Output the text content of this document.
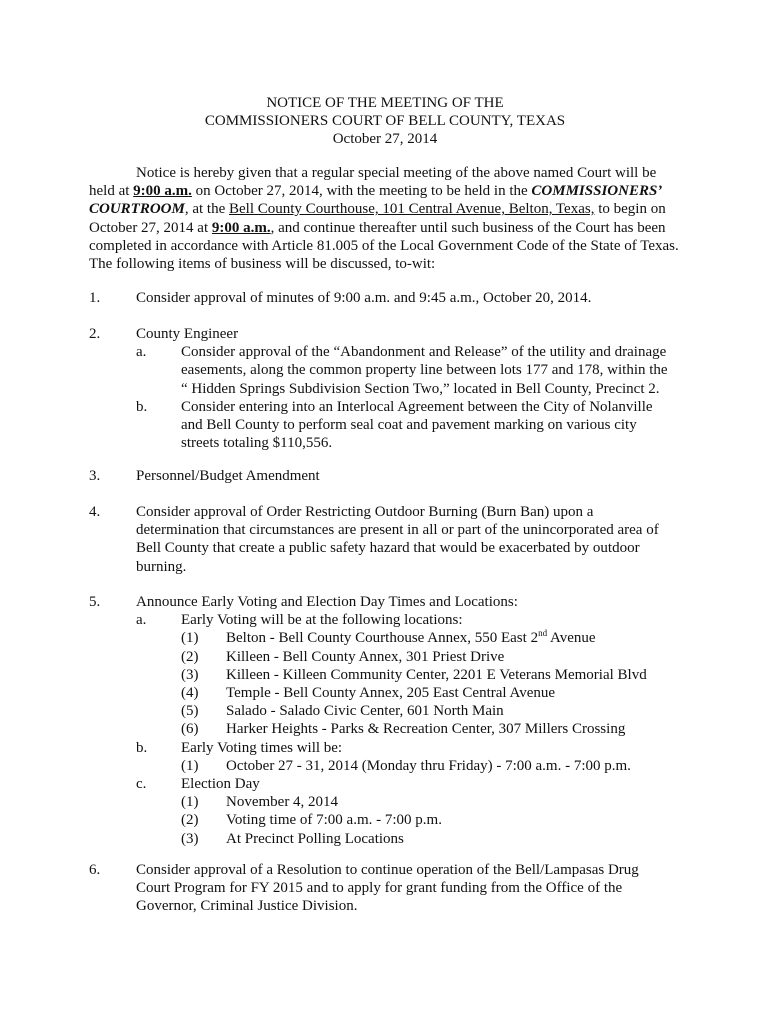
NOTICE OF THE MEETING OF THE
COMMISSIONERS COURT OF BELL COUNTY, TEXAS
October 27, 2014
Notice is hereby given that a regular special meeting of the above named Court will be held at 9:00 a.m. on October 27, 2014, with the meeting to be held in the COMMISSIONERS’ COURTROOM, at the Bell County Courthouse, 101 Central Avenue, Belton, Texas, to begin on October 27, 2014 at 9:00 a.m., and continue thereafter until such business of the Court has been completed in accordance with Article 81.005 of the Local Government Code of the State of Texas. The following items of business will be discussed, to-wit:
1.	Consider approval of minutes of 9:00 a.m. and 9:45 a.m., October 20, 2014.
2.	County Engineer
a. Consider approval of the “Abandonment and Release” of the utility and drainage easements, along the common property line between lots 177 and 178, within the “ Hidden Springs Subdivision Section Two,” located in Bell County, Precinct 2.
b. Consider entering into an Interlocal Agreement between the City of Nolanville and Bell County to perform seal coat and pavement marking on various city streets totaling $110,556.
3.	Personnel/Budget Amendment
4.	Consider approval of Order Restricting Outdoor Burning (Burn Ban) upon a determination that circumstances are present in all or part of the unincorporated area of Bell County that create a public safety hazard that would be exacerbated by outdoor burning.
5.	Announce Early Voting and Election Day Times and Locations:
a. Early Voting will be at the following locations:
(1) Belton - Bell County Courthouse Annex, 550 East 2nd Avenue
(2) Killeen - Bell County Annex, 301 Priest Drive
(3) Killeen - Killeen Community Center, 2201 E Veterans Memorial Blvd
(4) Temple - Bell County Annex, 205 East Central Avenue
(5) Salado - Salado Civic Center, 601 North Main
(6) Harker Heights - Parks & Recreation Center, 307 Millers Crossing
b. Early Voting times will be:
(1) October 27 - 31, 2014 (Monday thru Friday) - 7:00 a.m. - 7:00 p.m.
c. Election Day
(1) November 4, 2014
(2) Voting time of 7:00 a.m. - 7:00 p.m.
(3) At Precinct Polling Locations
6.	Consider approval of a Resolution to continue operation of the Bell/Lampasas Drug Court Program for FY 2015 and to apply for grant funding from the Office of the Governor, Criminal Justice Division.
